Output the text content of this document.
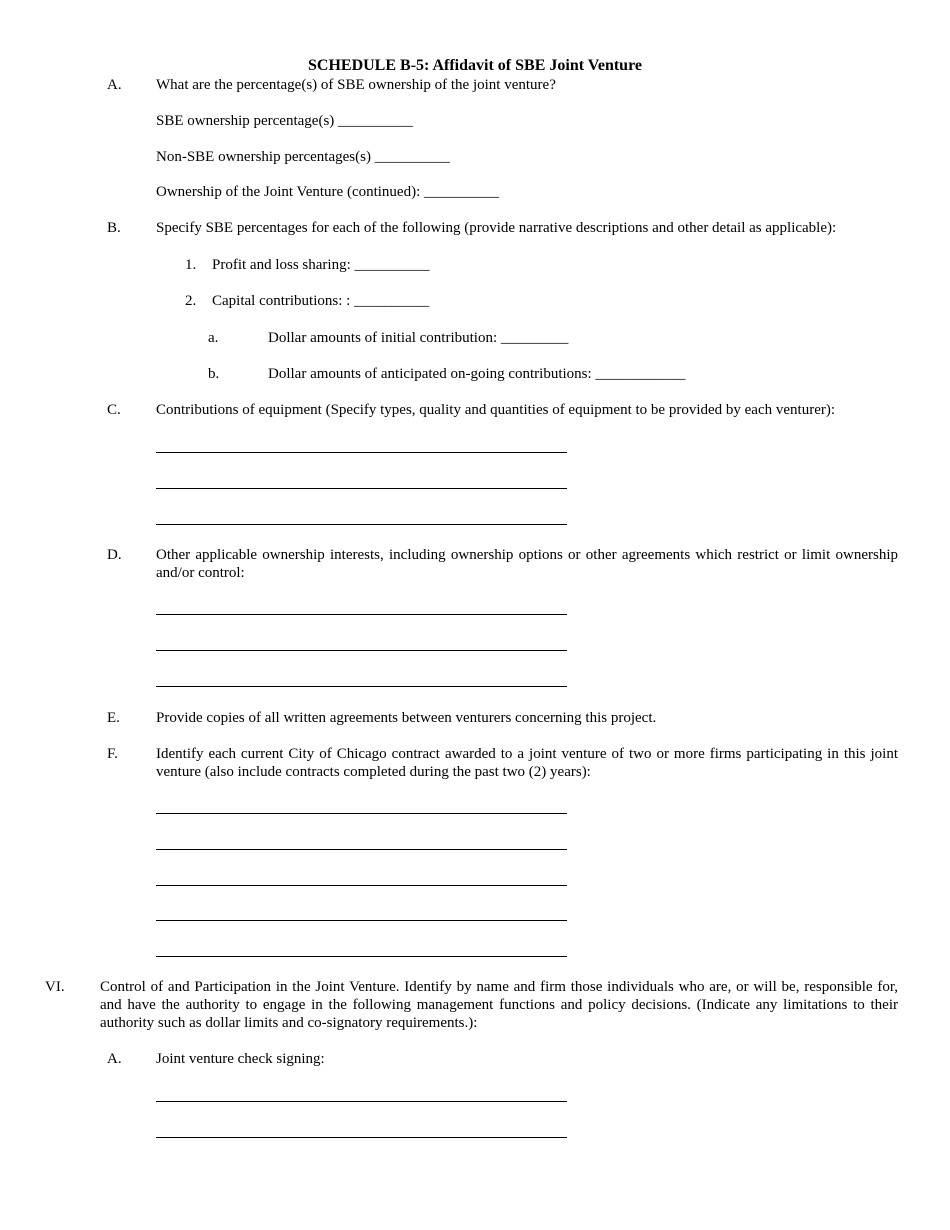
SCHEDULE B-5: Affidavit of SBE Joint Venture
A. What are the percentage(s) of SBE ownership of the joint venture?
SBE ownership percentage(s) __________
Non-SBE ownership percentages(s) __________
Ownership of the Joint Venture (continued): __________
B. Specify SBE percentages for each of the following (provide narrative descriptions and other detail as applicable):
1. Profit and loss sharing: __________
2. Capital contributions: : __________
a.	Dollar amounts of initial contribution: _________
b.	Dollar amounts of anticipated on-going contributions: ____________
C. Contributions of equipment (Specify types, quality and quantities of equipment to be provided by each venturer):
D. Other applicable ownership interests, including ownership options or other agreements which restrict or limit ownership and/or control:
E. Provide copies of all written agreements between venturers concerning this project.
F.	Identify each current City of Chicago contract awarded to a joint venture of two or more firms participating in this joint venture (also include contracts completed during the past two (2) years):
VI. Control of and Participation in the Joint Venture. Identify by name and firm those individuals who are, or will be, responsible for, and have the authority to engage in the following management functions and policy decisions. (Indicate any limitations to their authority such as dollar limits and co-signatory requirements.):
A. Joint venture check signing:
